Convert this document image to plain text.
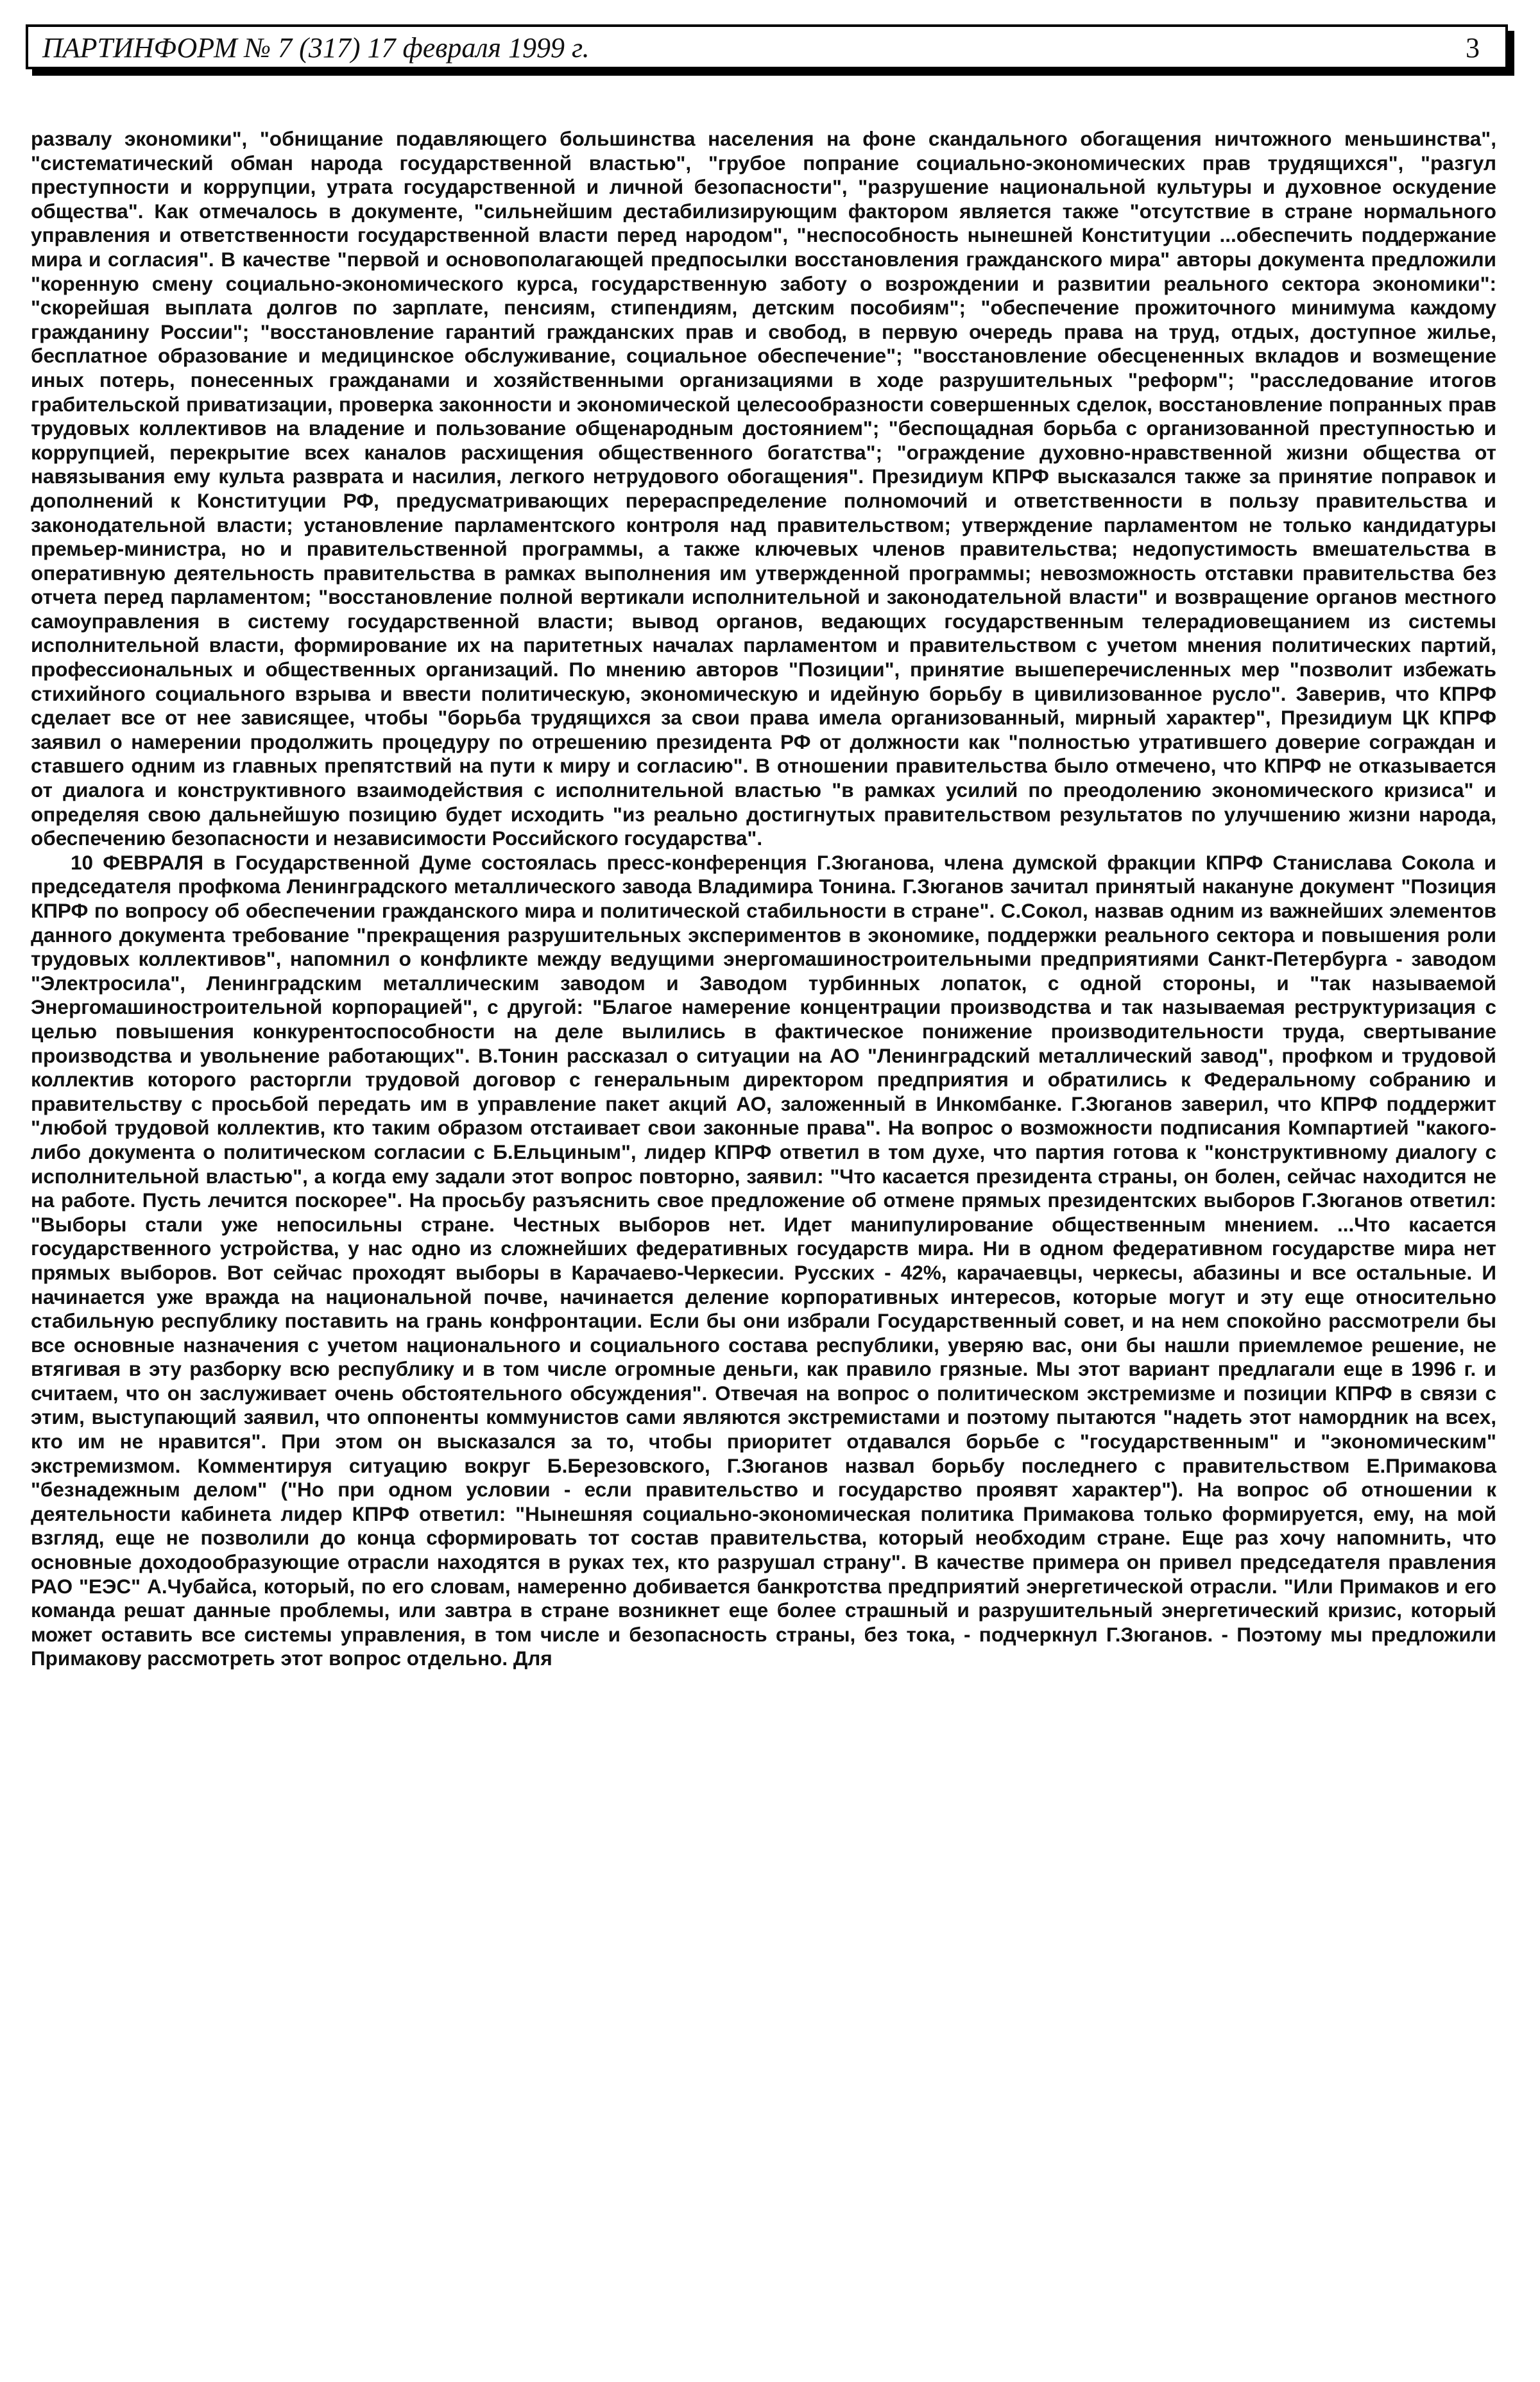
ПАРТИНФОРМ № 7 (317) 17 февраля 1999 г.	3

развалу экономики", "обнищание подавляющего большинства населения на фоне скандального обогащения ничтожного меньшинства", "систематический обман народа государственной властью", "грубое попрание социально-экономических прав трудящихся", "разгул преступности и коррупции, утрата государственной и личной безопасности", "разрушение национальной культуры и духовное оскудение общества". Как отмечалось в документе, "сильнейшим дестабилизирующим фактором является также "отсутствие в стране нормального управления и ответственности государственной власти перед народом", "неспособность нынешней Конституции ...обеспечить поддержание мира и согласия". В качестве "первой и основополагающей предпосылки восстановления гражданского мира" авторы документа предложили "коренную смену социально-экономического курса, государственную заботу о возрождении и развитии реального сектора экономики": "скорейшая выплата долгов по зарплате, пенсиям, стипендиям, детским пособиям"; "обеспечение прожиточного минимума каждому гражданину России"; "восстановление гарантий гражданских прав и свобод, в первую очередь права на труд, отдых, доступное жилье, бесплатное образование и медицинское обслуживание, социальное обеспечение"; "восстановление обесцененных вкладов и возмещение иных потерь, понесенных гражданами и хозяйственными организациями в ходе разрушительных "реформ"; "расследование итогов грабительской приватизации, проверка законности и экономической целесообразности совершенных сделок, восстановление попранных прав трудовых коллективов на владение и пользование общенародным достоянием"; "беспощадная борьба с организованной преступностью и коррупцией, перекрытие всех каналов расхищения общественного богатства"; "ограждение духовно-нравственной жизни общества от навязывания ему культа разврата и насилия, легкого нетрудового обогащения". Президиум КПРФ высказался также за принятие поправок и дополнений к Конституции РФ, предусматривающих перераспределение полномочий и ответственности в пользу правительства и законодательной власти; установление парламентского контроля над правительством; утверждение парламентом не только кандидатуры премьер-министра, но и правительственной программы, а также ключевых членов правительства; недопустимость вмешательства в оперативную деятельность правительства в рамках выполнения им утвержденной программы; невозможность отставки правительства без отчета перед парламентом; "восстановление полной вертикали исполнительной и законодательной власти" и возвращение органов местного самоуправления в систему государственной власти; вывод органов, ведающих государственным телерадиовещанием из системы исполнительной власти, формирование их на паритетных началах парламентом и правительством с учетом мнения политических партий, профессиональных и общественных организаций. По мнению авторов "Позиции", принятие вышеперечисленных мер "позволит избежать стихийного социального взрыва и ввести политическую, экономическую и идейную борьбу в цивилизованное русло". Заверив, что КПРФ сделает все от нее зависящее, чтобы "борьба трудящихся за свои права имела организованный, мирный характер", Президиум ЦК КПРФ заявил о намерении продолжить процедуру по отрешению президента РФ от должности как "полностью утратившего доверие сограждан и ставшего одним из главных препятствий на пути к миру и согласию". В отношении правительства было отмечено, что КПРФ не отказывается от диалога и конструктивного взаимодействия с исполнительной властью "в рамках усилий по преодолению экономического кризиса" и определяя свою дальнейшую позицию будет исходить "из реально достигнутых правительством результатов по улучшению жизни народа, обеспечению безопасности и независимости Российского государства".

10 ФЕВРАЛЯ в Государственной Думе состоялась пресс-конференция Г.Зюганова, члена думской фракции КПРФ Станислава Сокола и председателя профкома Ленинградского металлического завода Владимира Тонина. Г.Зюганов зачитал принятый накануне документ "Позиция КПРФ по вопросу об обеспечении гражданского мира и политической стабильности в стране". С.Сокол, назвав одним из важнейших элементов данного документа требование "прекращения разрушительных экспериментов в экономике, поддержки реального сектора и повышения роли трудовых коллективов", напомнил о конфликте между ведущими энергомашиностроительными предприятиями Санкт-Петербурга - заводом "Электросила", Ленинградским металлическим заводом и Заводом турбинных лопаток, с одной стороны, и "так называемой Энергомашиностроительной корпорацией", с другой: "Благое намерение концентрации производства и так называемая реструктуризация с целью повышения конкурентоспособности на деле вылились в фактическое понижение производительности труда, свертывание производства и увольнение работающих". В.Тонин рассказал о ситуации на АО "Ленинградский металлический завод", профком и трудовой коллектив которого расторгли трудовой договор с генеральным директором предприятия и обратились к Федеральному собранию и правительству с просьбой передать им в управление пакет акций АО, заложенный в Инкомбанке. Г.Зюганов заверил, что КПРФ поддержит "любой трудовой коллектив, кто таким образом отстаивает свои законные права". На вопрос о возможности подписания Компартией "какого-либо документа о политическом согласии с Б.Ельциным", лидер КПРФ ответил в том духе, что партия готова к "конструктивному диалогу с исполнительной властью", а когда ему задали этот вопрос повторно, заявил: "Что касается президента страны, он болен, сейчас находится не на работе. Пусть лечится поскорее". На просьбу разъяснить свое предложение об отмене прямых президентских выборов Г.Зюганов ответил: "Выборы стали уже непосильны стране. Честных выборов нет. Идет манипулирование общественным мнением. ...Что касается государственного устройства, у нас одно из сложнейших федеративных государств мира. Ни в одном федеративном государстве мира нет прямых выборов. Вот сейчас проходят выборы в Карачаево-Черкесии. Русских - 42%, карачаевцы, черкесы, абазины и все остальные. И начинается уже вражда на национальной почве, начинается деление корпоративных интересов, которые могут и эту еще относительно стабильную республику поставить на грань конфронтации. Если бы они избрали Государственный совет, и на нем спокойно рассмотрели бы все основные назначения с учетом национального и социального состава республики, уверяю вас, они бы нашли приемлемое решение, не втягивая в эту разборку всю республику и в том числе огромные деньги, как правило грязные. Мы этот вариант предлагали еще в 1996 г. и считаем, что он заслуживает очень обстоятельного обсуждения". Отвечая на вопрос о политическом экстремизме и позиции КПРФ в связи с этим, выступающий заявил, что оппоненты коммунистов сами являются экстремистами и поэтому пытаются "надеть этот намордник на всех, кто им не нравится". При этом он высказался за то, чтобы приоритет отдавался борьбе с "государственным" и "экономическим" экстремизмом. Комментируя ситуацию вокруг Б.Березовского, Г.Зюганов назвал борьбу последнего с правительством Е.Примакова "безнадежным делом" ("Но при одном условии - если правительство и государство проявят характер"). На вопрос об отношении к деятельности кабинета лидер КПРФ ответил: "Нынешняя социально-экономическая политика Примакова только формируется, ему, на мой взгляд, еще не позволили до конца сформировать тот состав правительства, который необходим стране. Еще раз хочу напомнить, что основные доходообразующие отрасли находятся в руках тех, кто разрушал страну". В качестве примера он привел председателя правления РАО "ЕЭС" А.Чубайса, который, по его словам, намеренно добивается банкротства предприятий энергетической отрасли. "Или Примаков и его команда решат данные проблемы, или завтра в стране возникнет еще более страшный и разрушительный энергетический кризис, который может оставить все системы управления, в том числе и безопасность страны, без тока, - подчеркнул Г.Зюганов. - Поэтому мы предложили Примакову рассмотреть этот вопрос отдельно. Для
